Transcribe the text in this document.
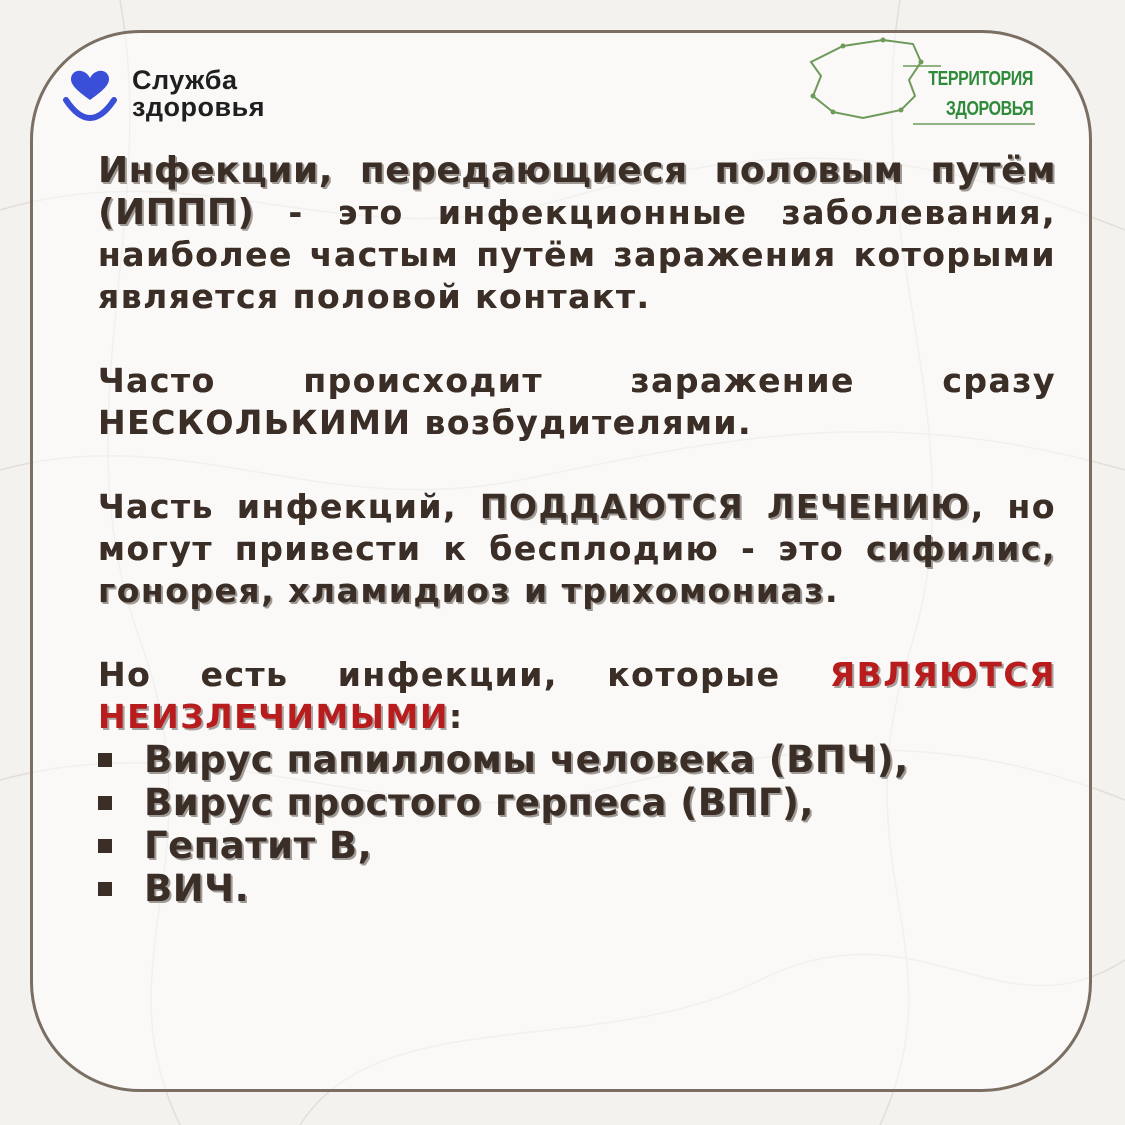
Служба
здоровья
ТЕРРИТОРИЯ
ЗДОРОВЬЯ

Инфекции, передающиеся половым путём (ИППП) - это инфекционные заболевания, наиболее частым путём заражения которыми является половой контакт.

Часто происходит заражение сразу НЕСКОЛЬКИМИ возбудителями.

Часть инфекций, ПОДДАЮТСЯ ЛЕЧЕНИЮ, но могут привести к бесплодию - это сифилис, гонорея, хламидиоз и трихомониаз.

Но есть инфекции, которые ЯВЛЯЮТСЯ НЕИЗЛЕЧИМЫМИ:

Вирус папилломы человека (ВПЧ),
Вирус простого герпеса (ВПГ),
Гепатит В,
ВИЧ.
